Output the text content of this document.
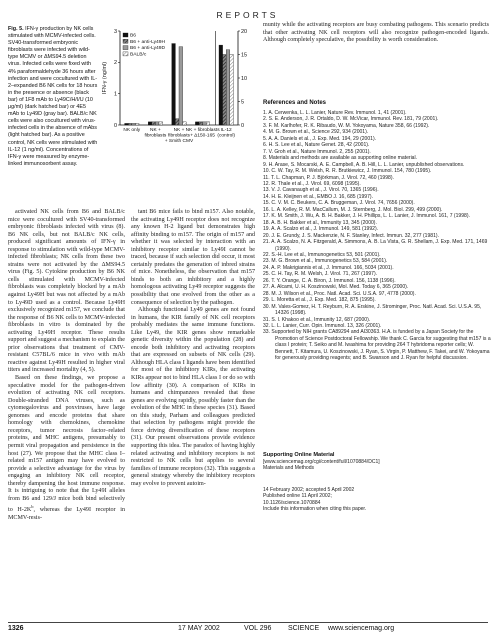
REPORTS
Fig. 5. IFN-γ production by NK cells stimulated with MCMV-infected cells. SV40-transformed embryonic fibroblasts were infected with wild-type MCMV or ΔMS94.5 deletion virus. Infected cells were fixed with 4% paraformaldehyde 36 hours after infection and were cocultured with IL-2–expanded B6 NK cells for 18 hours in the presence or absence (black bar) of 1F8 mAb to Ly49C/H/I/U (10 μg/ml) (dark hatched bar) or 4E5 mAb to Ly49D (gray bar). BALB/c NK cells were also cocultured with virus-infected cells in the absence of mAbs (light hatched bar). As a positive control, NK cells were stimulated with IL-12 (1 ng/ml). Concentrations of IFN-γ were measured by enzyme-linked immunosorbent assay.
0
1
2
3
0
5
10
15
20
IFN-γ (ng/ml)
NK only NK +
fibroblasts
NK +
fibroblasts
+ Smith CMV
NK + fibroblasts
+ Δ150-165
IL-12
(control)
B6
B6 + anti-Ly49H
B6 + anti-Ly49D
BALB/c

activated NK cells from B6 and BALB/c mice were cocultured with SV40-transformed embryonic fibroblasts infected with virus (8). B6 NK cells, but not BALB/c NK cells, produced significant amounts of IFN-γ in response to stimulation with wild-type MCMV-infected fibroblasts; NK cells from these two strains were not activated by the ΔMS94.5 virus (Fig. 5). Cytokine production by B6 NK cells stimulated with MCMV-infected fibroblasts was completely blocked by a mAb against Ly49H but was not affected by a mAb to Ly49D used as a control. Because Ly49H exclusively recognized m157, we conclude that the response of B6 NK cells to MCMV-infected fibroblasts in vitro is dominated by the activating Ly49H receptor. These results support and suggest a mechanism to explain the prior observations that treatment of CMV-resistant C57BL/6 mice in vivo with mAb reactive against Ly49H resulted in higher viral titers and increased mortality (4, 5).

Based on these findings, we propose a speculative model for the pathogen-driven evolution of activating NK cell receptors. Double-stranded DNA viruses, such as cytomegalovirus and poxviruses, have large genomes and encode proteins that share homology with chemokines, chemokine receptors, tumor necrosis factor–related proteins, and MHC antigens, presumably to permit viral propagation and persistence in the host (27). We propose that the MHC class I–related m157 antigen may have evolved to provide a selective advantage for the virus by engaging an inhibitory NK cell receptor, thereby dampening the host immune response. It is intriguing to note that the Ly49I alleles from B6 and 129/J mice both bind selectively to $H-2K^b$, whereas the Ly49I receptor in MCMV-resis-

tant B6 mice fails to bind m157. Also notable, the activating Ly49H receptor does not recognize any known H-2 ligand but demonstrates high affinity binding to m157. The origin of m157 and whether it was selected by interaction with an inhibitory receptor similar to Ly49I cannot be traced, because if such selection did occur, it most certainly predates the generation of inbred strains of mice. Nonetheless, the observation that m157 binds to both an inhibitory and a highly homologous activating Ly49 receptor suggests the possibility that one evolved from the other as a consequence of selection by the pathogen.

Although functional Ly49 genes are not found in humans, the KIR family of NK cell receptors probably mediates the same immune functions. Like Ly49, the KIR genes show remarkable genetic diversity within the population (28) and encode both inhibitory and activating receptors that are expressed on subsets of NK cells (29). Although HLA class I ligands have been identified for most of the inhibitory KIRs, the activating KIRs appear not to bind HLA class I or do so with low affinity (30). A comparison of KIRs in humans and chimpanzees revealed that these genes are evolving rapidly, possibly faster than the evolution of the MHC in these species (31). Based on this study, Parham and colleagues predicted that selection by pathogens might provide the force driving diversification of these receptors (31). Our present observations provide evidence supporting this idea. The paradox of having highly related activating and inhibitory receptors is not restricted to NK cells but applies to several families of immune receptors (32). This suggests a general strategy whereby the inhibitory receptors may evolve to prevent autoim-

munity while the activating receptors are busy combating pathogens. This scenario predicts that other activating NK cell receptors will also recognize pathogen-encoded ligands. Although completely speculative, the possibility is worth consideration.

References and Notes
1. A. Cerwenka, L. L. Lanier, Nature Rev. Immunol. 1, 41 (2001).
2. S. E. Anderson, J. R. Ortaldo, D. W. McVicar, Immunol. Rev. 181, 79 (2001).
3. F. M. Karlhofer, R. K. Ribaudo, W. M. Yokoyama, Nature 358, 66 (1992).
4. M. G. Brown et al., Science 292, 934 (2001).
5. A. A. Daniels et al., J. Exp. Med. 194, 29 (2001).
6. H. S. Lee et al., Nature Genet. 28, 42 (2001).
7. V. Groh et al., Nature Immunol. 2, 255 (2001).
8. Materials and methods are available as supporting online material.
9. H. Arase, S. Mocarski, A. E. Campbell, A. B. Hill, L. L. Lanier, unpublished observations.
10. C. W. Tay, R. M. Welsh, R. R. Brutkiewicz, J. Immunol. 154, 780 (1995).
11. T. L. Chapman, P. J. Björkman, J. Virol. 72, 460 (1998).
12. R. Thale et al., J. Virol. 69, 6098 (1995).
13. V. J. Cavanaugh et al., J. Virol. 70, 1365 (1996).
14. H. E. Kleijnen et al., EMBO J. 16, 685 (1997).
15. C. V. M. C. Beukers, C. A. Bruggeman, J. Virol. 74, 7656 (2000).
16. L. A. Kelley, R. M. MacCallum, M. J. Sternberg, J. Mol. Biol. 299, 499 (2000).
17. K. M. Smith, J. Wu, A. B. H. Bakker, J. H. Phillips, L. L. Lanier, J. Immunol. 161, 7 (1998).
18. A. B. H. Bakker et al., Immunity 13, 345 (2000).
19. A. A. Scalzo et al., J. Immunol. 149, 581 (1992).
20. J. E. Grundy, J. S. Mackenzie, N. F. Stanley, Infect. Immun. 32, 277 (1981).
21. A. A. Scalzo, N. A. Fitzgerald, A. Simmons, A. B. La Vista, G. R. Shellam, J. Exp. Med. 171, 1469 (1990).
22. S.-H. Lee et al., Immunogenetics 53, 501 (2001).
23. M. G. Brown et al., Immunogenetics 53, 584 (2001).
24. A. P. Makrigiannis et al., J. Immunol. 166, 5034 (2001).
25. C. H. Tay, R. M. Welsh, J. Virol. 71, 267 (1997).
26. T. Y. Orange, C. A. Biron, J. Immunol. 156, 1138 (1996).
27. A. Alcami, U. H. Koszinowski, Mol. Med. Today 6, 365 (2000).
28. M. J. Wilson et al., Proc. Natl. Acad. Sci. U.S.A. 97, 4778 (2000).
29. L. Moretta et al., J. Exp. Med. 182, 875 (1995).
30. M. Vales-Gomez, H. T. Reyburn, R. A. Erskine, J. Strominger, Proc. Natl. Acad. Sci. U.S.A. 95, 14326 (1998).
31. S. I. Khakoo et al., Immunity 12, 687 (2000).
32. L. L. Lanier, Curr. Opin. Immunol. 13, 326 (2001).
33. Supported by NIH grants CA89294 and AI30363. H.A. is funded by a Japan Society for the Promotion of Science Postdoctoral Fellowship. We thank C. Garcia for suggesting that m157 is a class I protein; T. Seiko and M. Iwashima for providing 264 T hybridoma reporter cells; W. Bennett, T. Kitamura, U. Koszinowski, J. Ryan, S. Virgin, P. Matthew, F. Takei, and W. Yokoyama for generously providing reagents; and B. Swanson and J. Ryan for helpful discussion.
Supporting Online Material
[www.sciencemag.org/cgi/content/full/1070884/DC1]
Materials and Methods
14 February 2002; accepted 5 April 2002
Published online 11 April 2002;
10.1126/science.1070884
Include this information when citing this paper.
1326	17 MAY 2002	VOL 296 SCIENCE www.sciencemag.org
